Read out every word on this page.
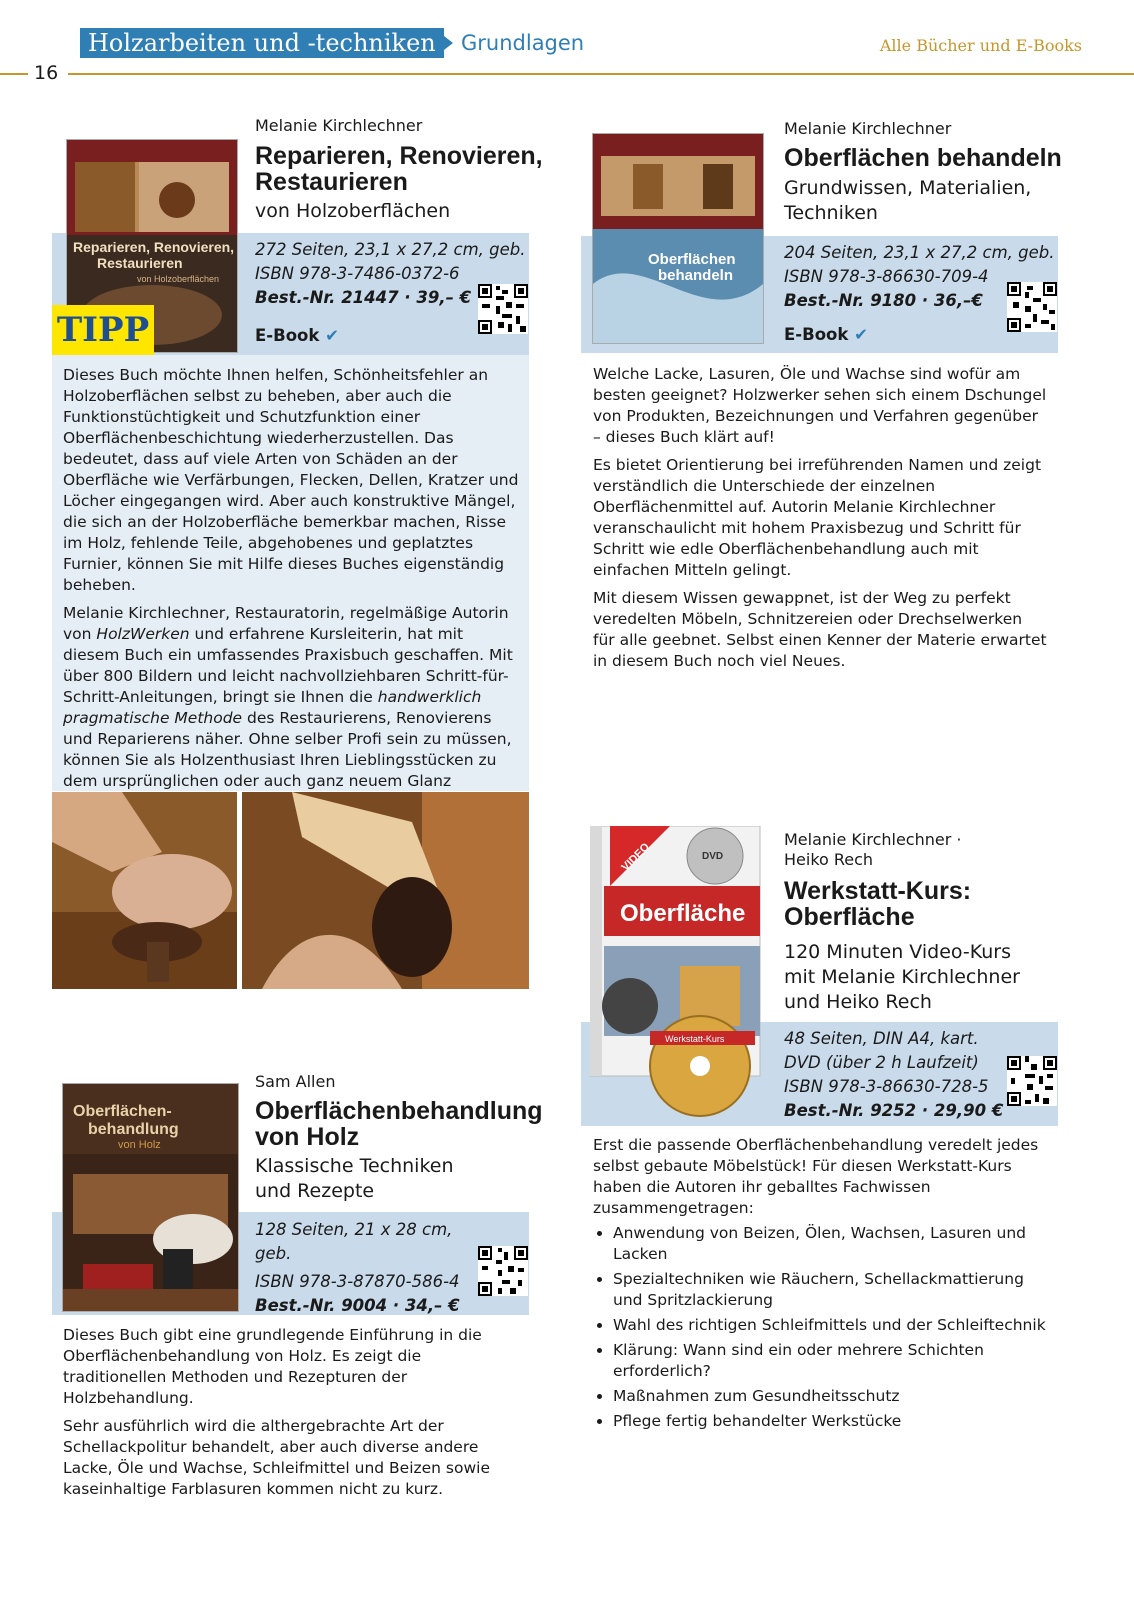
Holzarbeiten und -techniken	Grundlagen	Alle Bücher und E-Books
16
Reparieren, Renovieren,
Restaurieren
von Holzoberflächen
TIPP
Melanie Kirchlechner
Reparieren, Renovieren,
Restaurieren
von Holzoberflächen
272 Seiten, 23,1 x 27,2 cm, geb.
ISBN 978-3-7486-0372-6
Best.-Nr. 21447 · 39,– €
E-Book ✔

Dieses Buch möchte Ihnen helfen, Schönheitsfehler an Holzoberflächen selbst zu beheben, aber auch die Funktionstüchtigkeit und Schutzfunktion einer Oberflächenbeschichtung wiederherzustellen. Das bedeutet, dass auf viele Arten von Schäden an der Oberfläche wie Verfärbungen, Flecken, Dellen, Kratzer und Löcher eingegangen wird. Aber auch konstruktive Mängel, die sich an der Holzoberfläche bemerkbar machen, Risse im Holz, fehlende Teile, abgehobenes und geplatztes Furnier, können Sie mit Hilfe dieses Buches eigenständig beheben.

Melanie Kirchlechner, Restauratorin, regelmäßige Autorin von HolzWerken und erfahrene Kursleiterin, hat mit diesem Buch ein umfassendes Praxisbuch geschaffen. Mit über 800 Bildern und leicht nachvollziehbaren Schritt-für-Schritt-Anleitungen, bringt sie Ihnen die handwerklich pragmatische Methode des Restaurierens, Renovierens und Reparierens näher. Ohne selber Profi sein zu müssen, können Sie als Holzenthusiast Ihren Lieblingsstücken zu dem ursprünglichen oder auch ganz neuem Glanz

Oberflächen
behandeln
Melanie Kirchlechner
Oberflächen behandeln
Grundwissen, Materialien,
Techniken
204 Seiten, 23,1 x 27,2 cm, geb.
ISBN 978-3-86630-709-4
Best.-Nr. 9180 · 36,–€
E-Book ✔

Welche Lacke, Lasuren, Öle und Wachse sind wofür am besten geeignet? Holzwerker sehen sich einem Dschungel von Produkten, Bezeichnungen und Verfahren gegenüber – dieses Buch klärt auf!

Es bietet Orientierung bei irreführenden Namen und zeigt verständlich die Unterschiede der einzelnen Oberflächenmittel auf. Autorin Melanie Kirchlechner veranschaulicht mit hohem Praxisbezug und Schritt für Schritt wie edle Oberflächenbehandlung auch mit einfachen Mitteln gelingt.

Mit diesem Wissen gewappnet, ist der Weg zu perfekt veredelten Möbeln, Schnitzereien oder Drechselwerken für alle geebnet. Selbst einen Kenner der Materie erwartet in diesem Buch noch viel Neues.

VIDEO	DVD
Oberfläche
Werkstatt-Kurs
Melanie Kirchlechner ·
Heiko Rech
Werkstatt-Kurs:
Oberfläche
120 Minuten Video-Kurs
mit Melanie Kirchlechner
und Heiko Rech
48 Seiten, DIN A4, kart.
DVD (über 2 h Laufzeit)
ISBN 978-3-86630-728-5
Best.-Nr. 9252 · 29,90 €

Erst die passende Oberflächenbehandlung veredelt jedes selbst gebaute Möbelstück! Für diesen Werkstatt-Kurs haben die Autoren ihr geballtes Fachwissen zusammengetragen:

• Anwendung von Beizen, Ölen, Wachsen, Lasuren und Lacken
• Spezialtechniken wie Räuchern, Schellackmattierung und Spritzlackierung
• Wahl des richtigen Schleifmittels und der Schleiftechnik
• Klärung: Wann sind ein oder mehrere Schichten erforderlich?
• Maßnahmen zum Gesundheitsschutz
• Pflege fertig behandelter Werkstücke
Oberflächen-
behandlung
von Holz
Sam Allen
Oberflächenbehandlung
von Holz
Klassische Techniken
und Rezepte
128 Seiten, 21 x 28 cm,
geb.
ISBN 978-3-87870-586-4
Best.-Nr. 9004 · 34,– €

Dieses Buch gibt eine grundlegende Einführung in die Oberflächenbehandlung von Holz. Es zeigt die traditionellen Methoden und Rezepturen der Holzbehandlung.

Sehr ausführlich wird die althergebrachte Art der Schellackpolitur behandelt, aber auch diverse andere Lacke, Öle und Wachse, Schleifmittel und Beizen sowie kaseinhaltige Farblasuren kommen nicht zu kurz.
